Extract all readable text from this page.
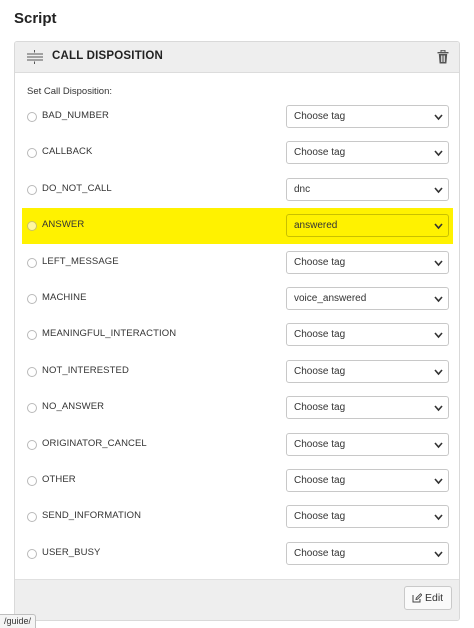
Script
CALL DISPOSITION
Set Call Disposition:
BAD_NUMBER	Choose tag
CALLBACK	Choose tag
DO_NOT_CALL	dnc
ANSWER	answered
LEFT_MESSAGE	Choose tag
MACHINE	voice_answered
MEANINGFUL_INTERACTION	Choose tag
NOT_INTERESTED	Choose tag
NO_ANSWER	Choose tag
ORIGINATOR_CANCEL	Choose tag
OTHER	Choose tag
SEND_INFORMATION	Choose tag
USER_BUSY	Choose tag
Edit
/guide/
